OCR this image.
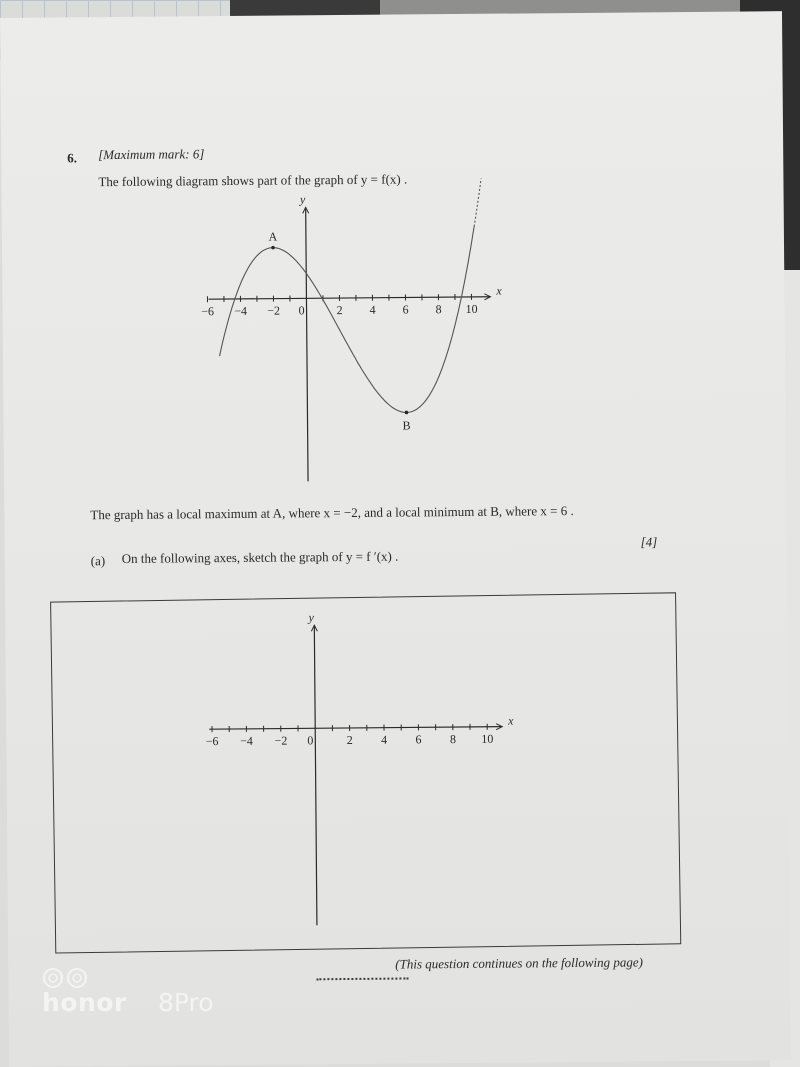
6. [Maximum mark: 6]
The following diagram shows part of the graph of y = f(x) .
−6 −4 −2 0	2 4 6 8 10
x
y
A
B
The graph has a local maximum at A, where x = −2, and a local minimum at B, where x = 6 .
(a) On the following axes, sketch the graph of y = f ′(x) .
[4]
−6 −4 −2 0	2 4 6 8 10
x
y
(This question continues on the following page)
honor 8Pro
